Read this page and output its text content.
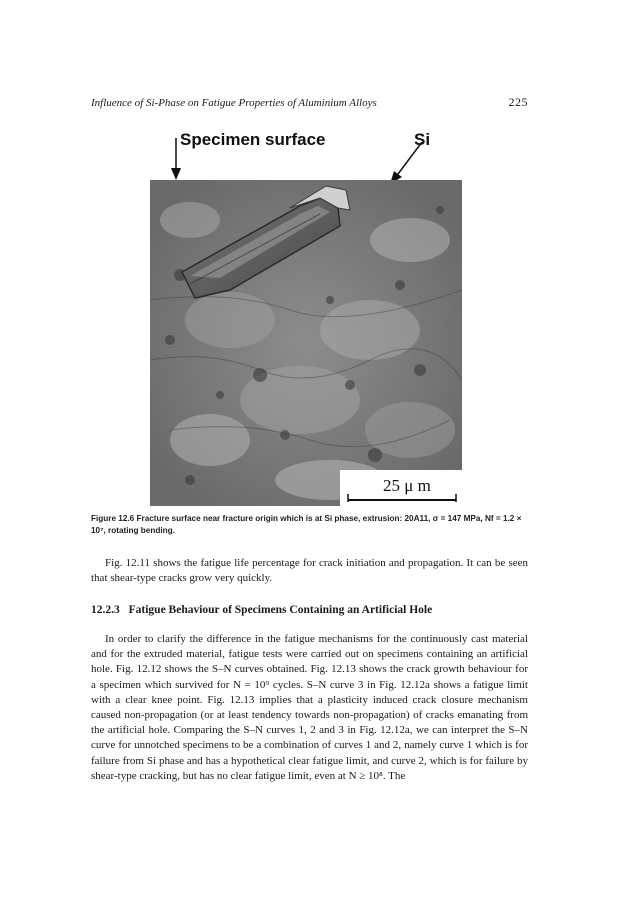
Influence of Si-Phase on Fatigue Properties of Aluminium Alloys	225
Specimen surface	Si
25 μ m
Figure 12.6 Fracture surface near fracture origin which is at Si phase, extrusion: 20A11, σ = 147 MPa, Nf = 1.2 × 10⁷, rotating bending.
Fig. 12.11 shows the fatigue life percentage for crack initiation and propagation. It can be seen that shear-type cracks grow very quickly.
12.2.3 Fatigue Behaviour of Specimens Containing an Artificial Hole
In order to clarify the difference in the fatigue mechanisms for the continuously cast material and for the extruded material, fatigue tests were carried out on specimens containing an artificial hole. Fig. 12.12 shows the S–N curves obtained. Fig. 12.13 shows the crack growth behaviour for a specimen which survived for N = 10⁹ cycles. S–N curve 3 in Fig. 12.12a shows a fatigue limit with a clear knee point. Fig. 12.13 implies that a plasticity induced crack closure mechanism caused non-propagation (or at least tendency towards non-propagation) of cracks emanating from the artificial hole. Comparing the S–N curves 1, 2 and 3 in Fig. 12.12a, we can interpret the S–N curve for unnotched specimens to be a combination of curves 1 and 2, namely curve 1 which is for failure from Si phase and has a hypothetical clear fatigue limit, and curve 2, which is for failure by shear-type cracking, but has no clear fatigue limit, even at N ≥ 10⁸. The
